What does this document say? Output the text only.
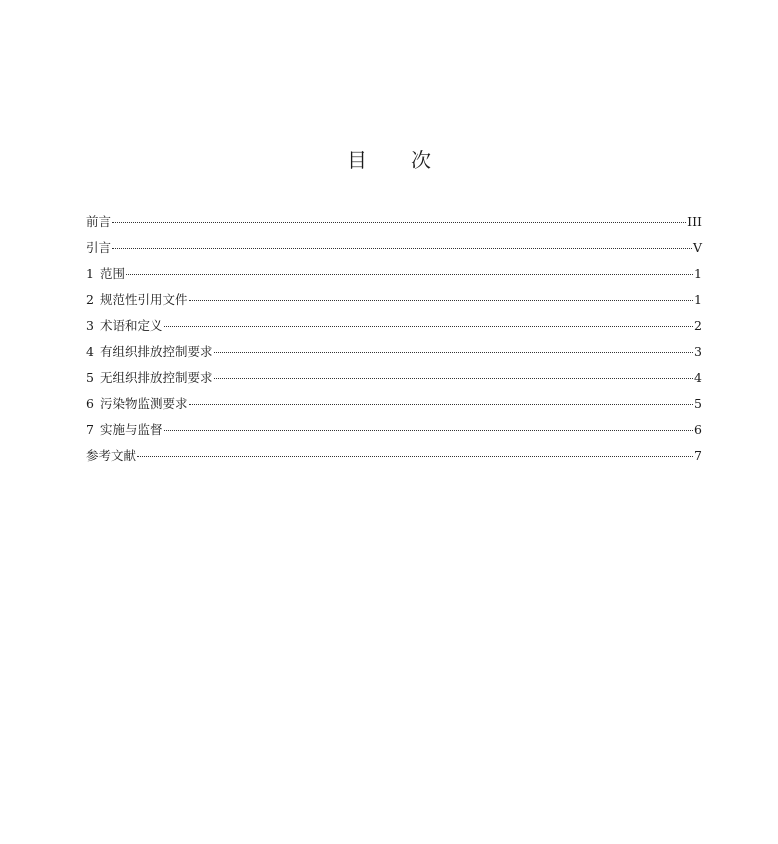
目 次
前言	III
引言	V
1 范围	1
2 规范性引用文件	1
3 术语和定义	2
4 有组织排放控制要求	3
5 无组织排放控制要求	4
6 污染物监测要求	5
7 实施与监督	6
参考文献	7
